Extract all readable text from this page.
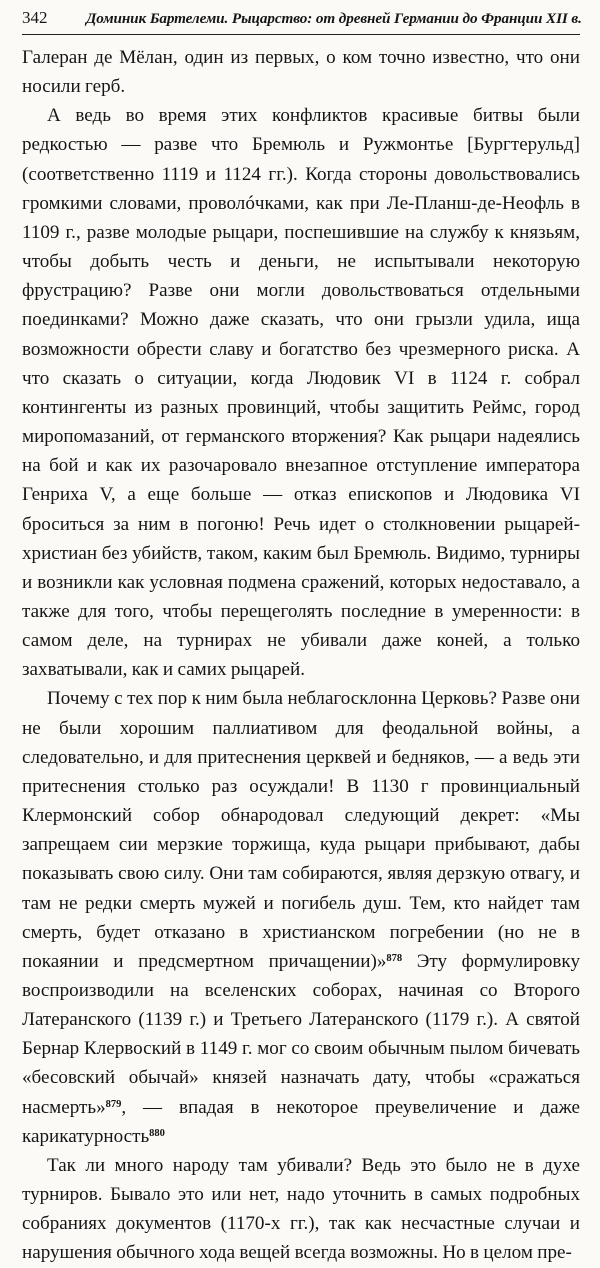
342	Доминик Бартелеми. Рыцарство: от древней Германии до Франции XII в.

Галеран де Мёлан, один из первых, о ком точно известно, что они носили герб.

А ведь во время этих конфликтов красивые битвы были редкостью — разве что Бремюль и Ружмонтье [Бургтерульд] (соответственно 1119 и 1124 гг.). Когда стороны довольствовались громкими словами, проволóчками, как при Ле-Планш-де-Неофль в 1109 г., разве молодые рыцари, поспешившие на службу к князьям, чтобы добыть честь и деньги, не испытывали некоторую фрустрацию? Разве они могли довольствоваться отдельными поединками? Можно даже сказать, что они грызли удила, ища возможности обрести славу и богатство без чрезмерного риска. А что сказать о ситуации, когда Людовик VI в 1124 г. собрал контингенты из разных провинций, чтобы защитить Реймс, город миропомазаний, от германского вторжения? Как рыцари надеялись на бой и как их разочаровало внезапное отступление императора Генриха V, а еще больше — отказ епископов и Людовика VI броситься за ним в погоню! Речь идет о столкновении рыцарей-христиан без убийств, таком, каким был Бремюль. Видимо, турниры и возникли как условная подмена сражений, которых недоставало, а также для того, чтобы перещеголять последние в умеренности: в самом деле, на турнирах не убивали даже коней, а только захватывали, как и самих рыцарей.

Почему с тех пор к ним была неблагосклонна Церковь? Разве они не были хорошим паллиативом для феодальной войны, а следовательно, и для притеснения церквей и бедняков, — а ведь эти притеснения столько раз осуждали! В 1130 г провинциальный Клермонский собор обнародовал следующий декрет: «Мы запрещаем сии мерзкие торжища, куда рыцари прибывают, дабы показывать свою силу. Они там собираются, являя дерзкую отвагу, и там не редки смерть мужей и погибель душ. Тем, кто найдет там смерть, будет отказано в христианском погребении (но не в покаянии и предсмертном причащении)»$^{878}$ Эту формулировку воспроизводили на вселенских соборах, начиная со Второго Латеранского (1139 г.) и Третьего Латеранского (1179 г.). А святой Бернар Клервоский в 1149 г. мог со своим обычным пылом бичевать «бесовский обычай» князей назначать дату, чтобы «сражаться насмерть»$^{879}$, — впадая в некоторое преувеличение и даже карикатурность$^{880}$

Так ли много народу там убивали? Ведь это было не в духе турниров. Бывало это или нет, надо уточнить в самых подробных собраниях документов (1170-х гг.), так как несчастные случаи и нарушения обычного хода вещей всегда возможны. Но в целом пре-
